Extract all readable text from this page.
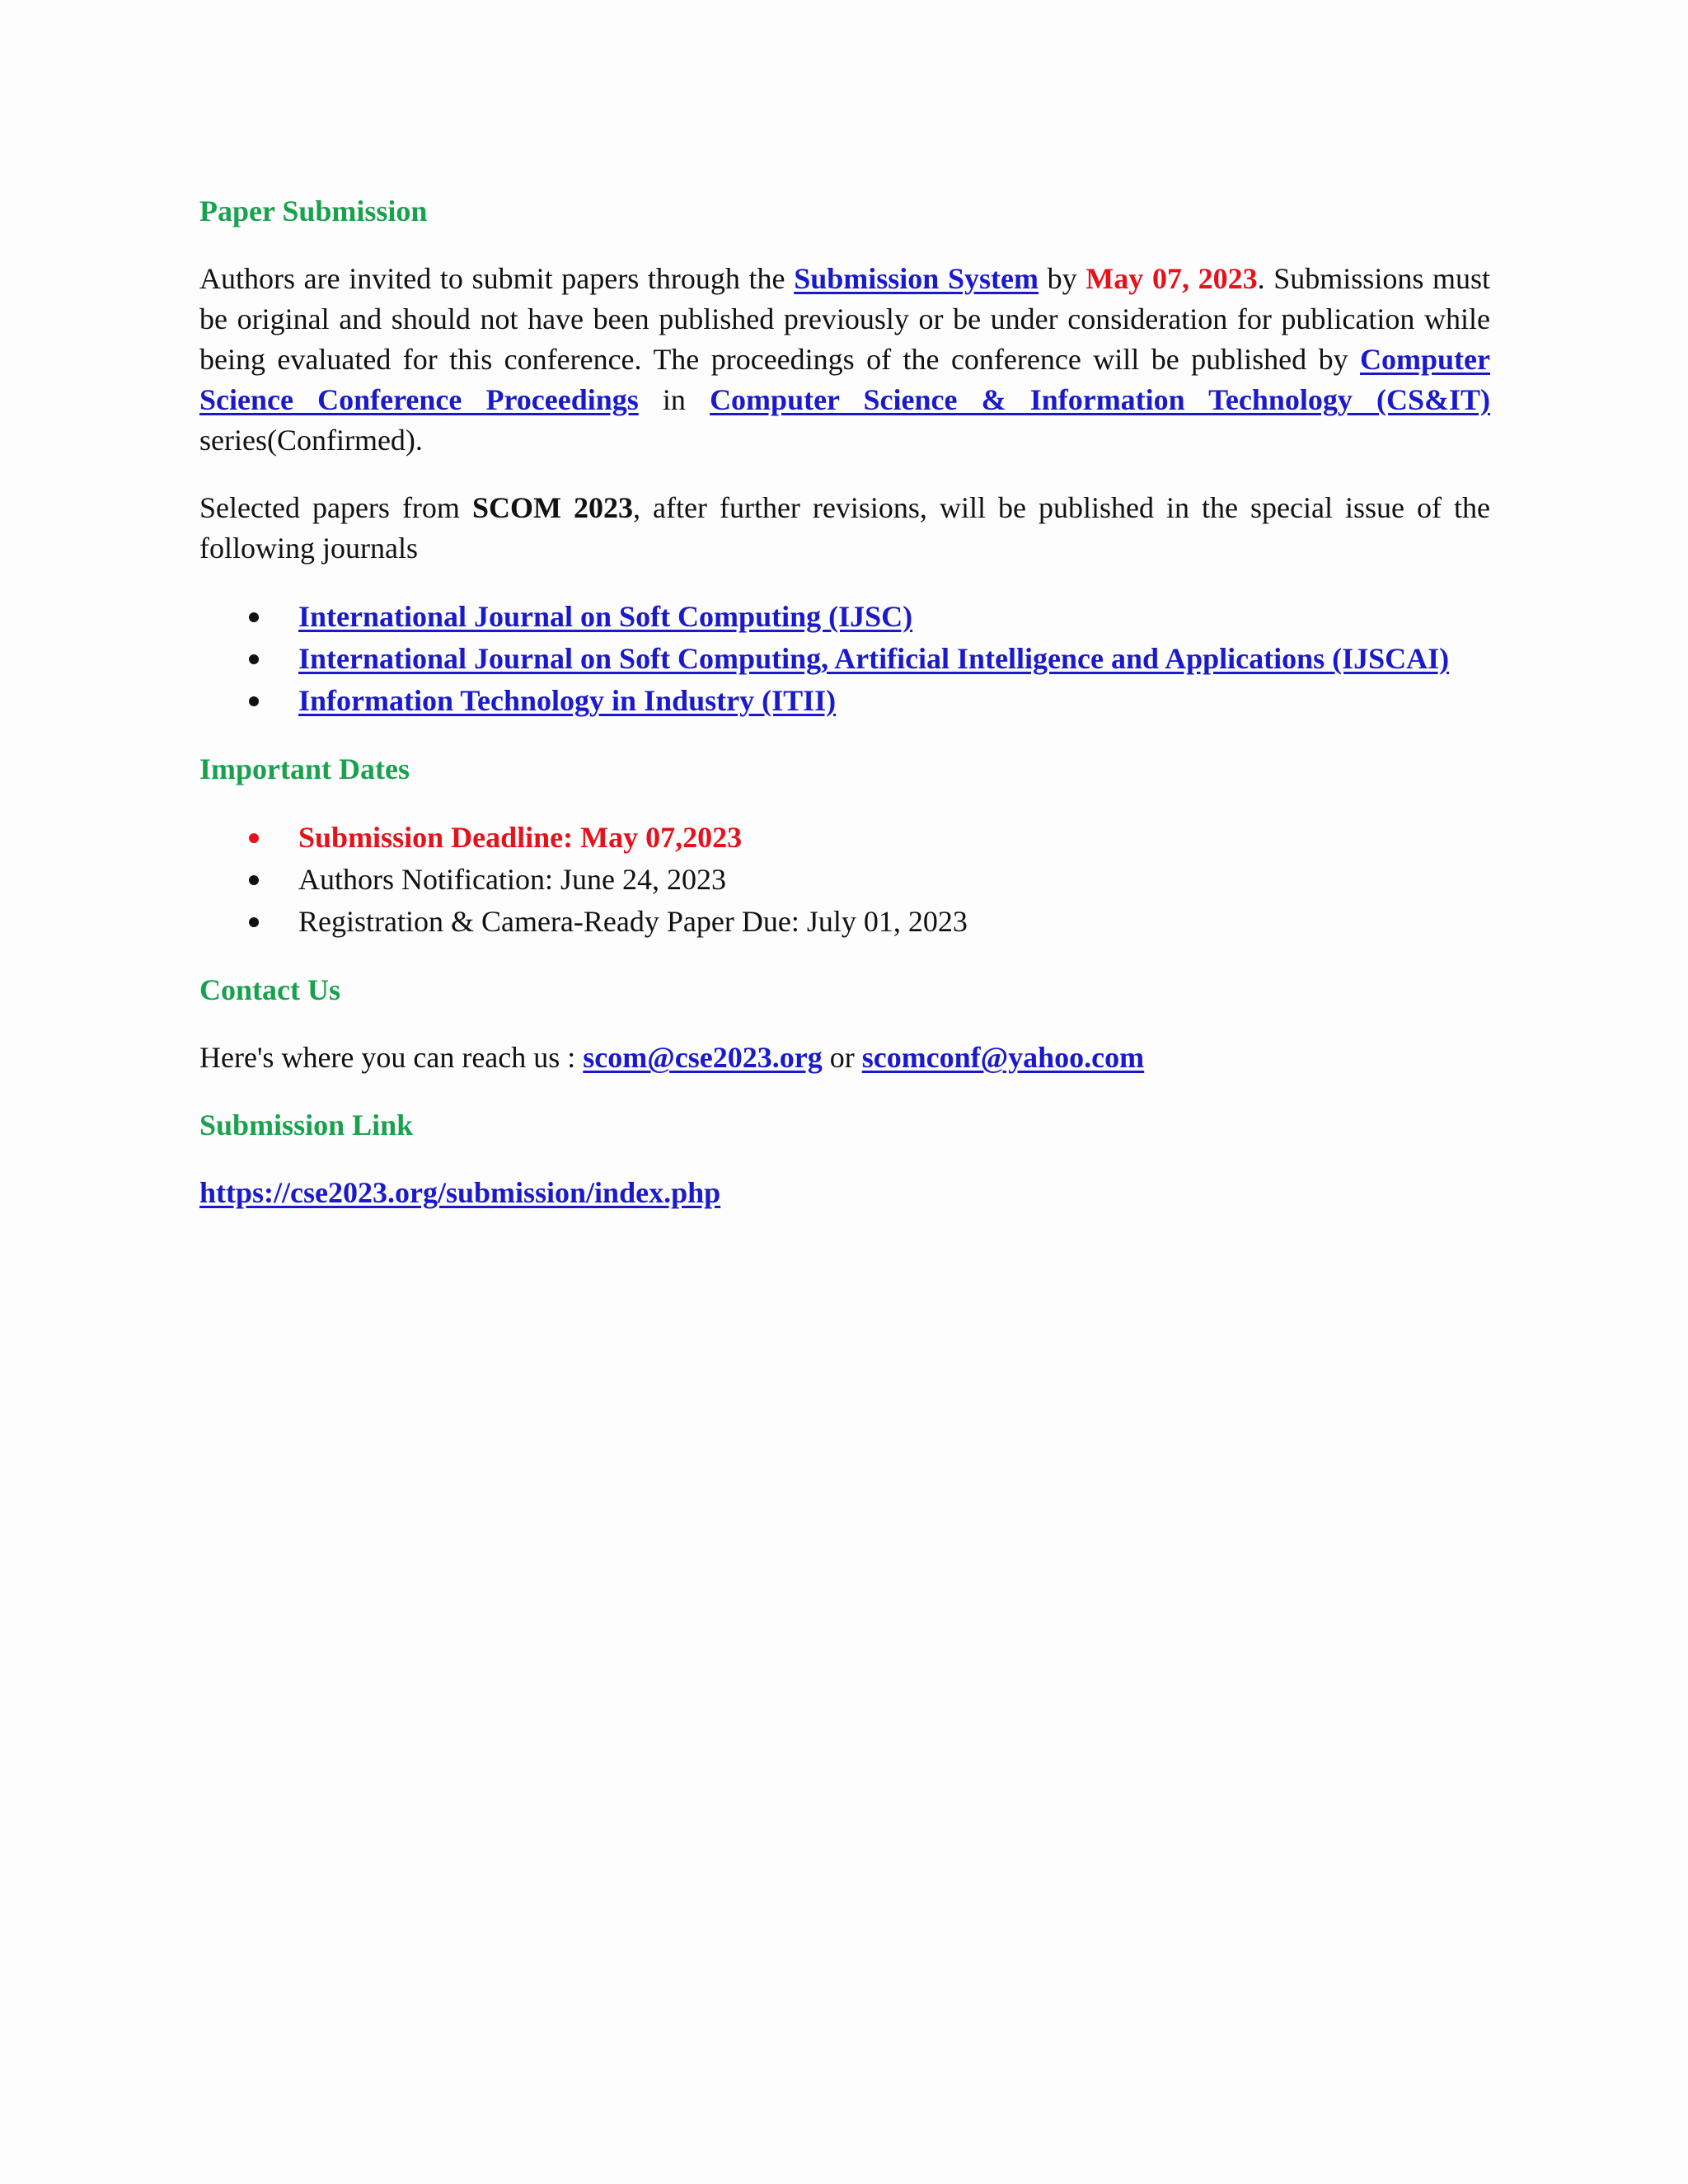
Paper Submission

Authors are invited to submit papers through the Submission System by May 07, 2023. Submissions must be original and should not have been published previously or be under consideration for publication while being evaluated for this conference. The proceedings of the conference will be published by Computer Science Conference Proceedings in Computer Science & Information Technology (CS&IT) series(Confirmed).

Selected papers from SCOM 2023, after further revisions, will be published in the special issue of the following journals

International Journal on Soft Computing (IJSC)
International Journal on Soft Computing, Artificial Intelligence and Applications (IJSCAI)
Information Technology in Industry (ITII)
Important Dates
Submission Deadline: May 07,2023
Authors Notification: June 24, 2023
Registration & Camera-Ready Paper Due: July 01, 2023
Contact Us

Here's where you can reach us : scom@cse2023.org or scomconf@yahoo.com

Submission Link

https://cse2023.org/submission/index.php
